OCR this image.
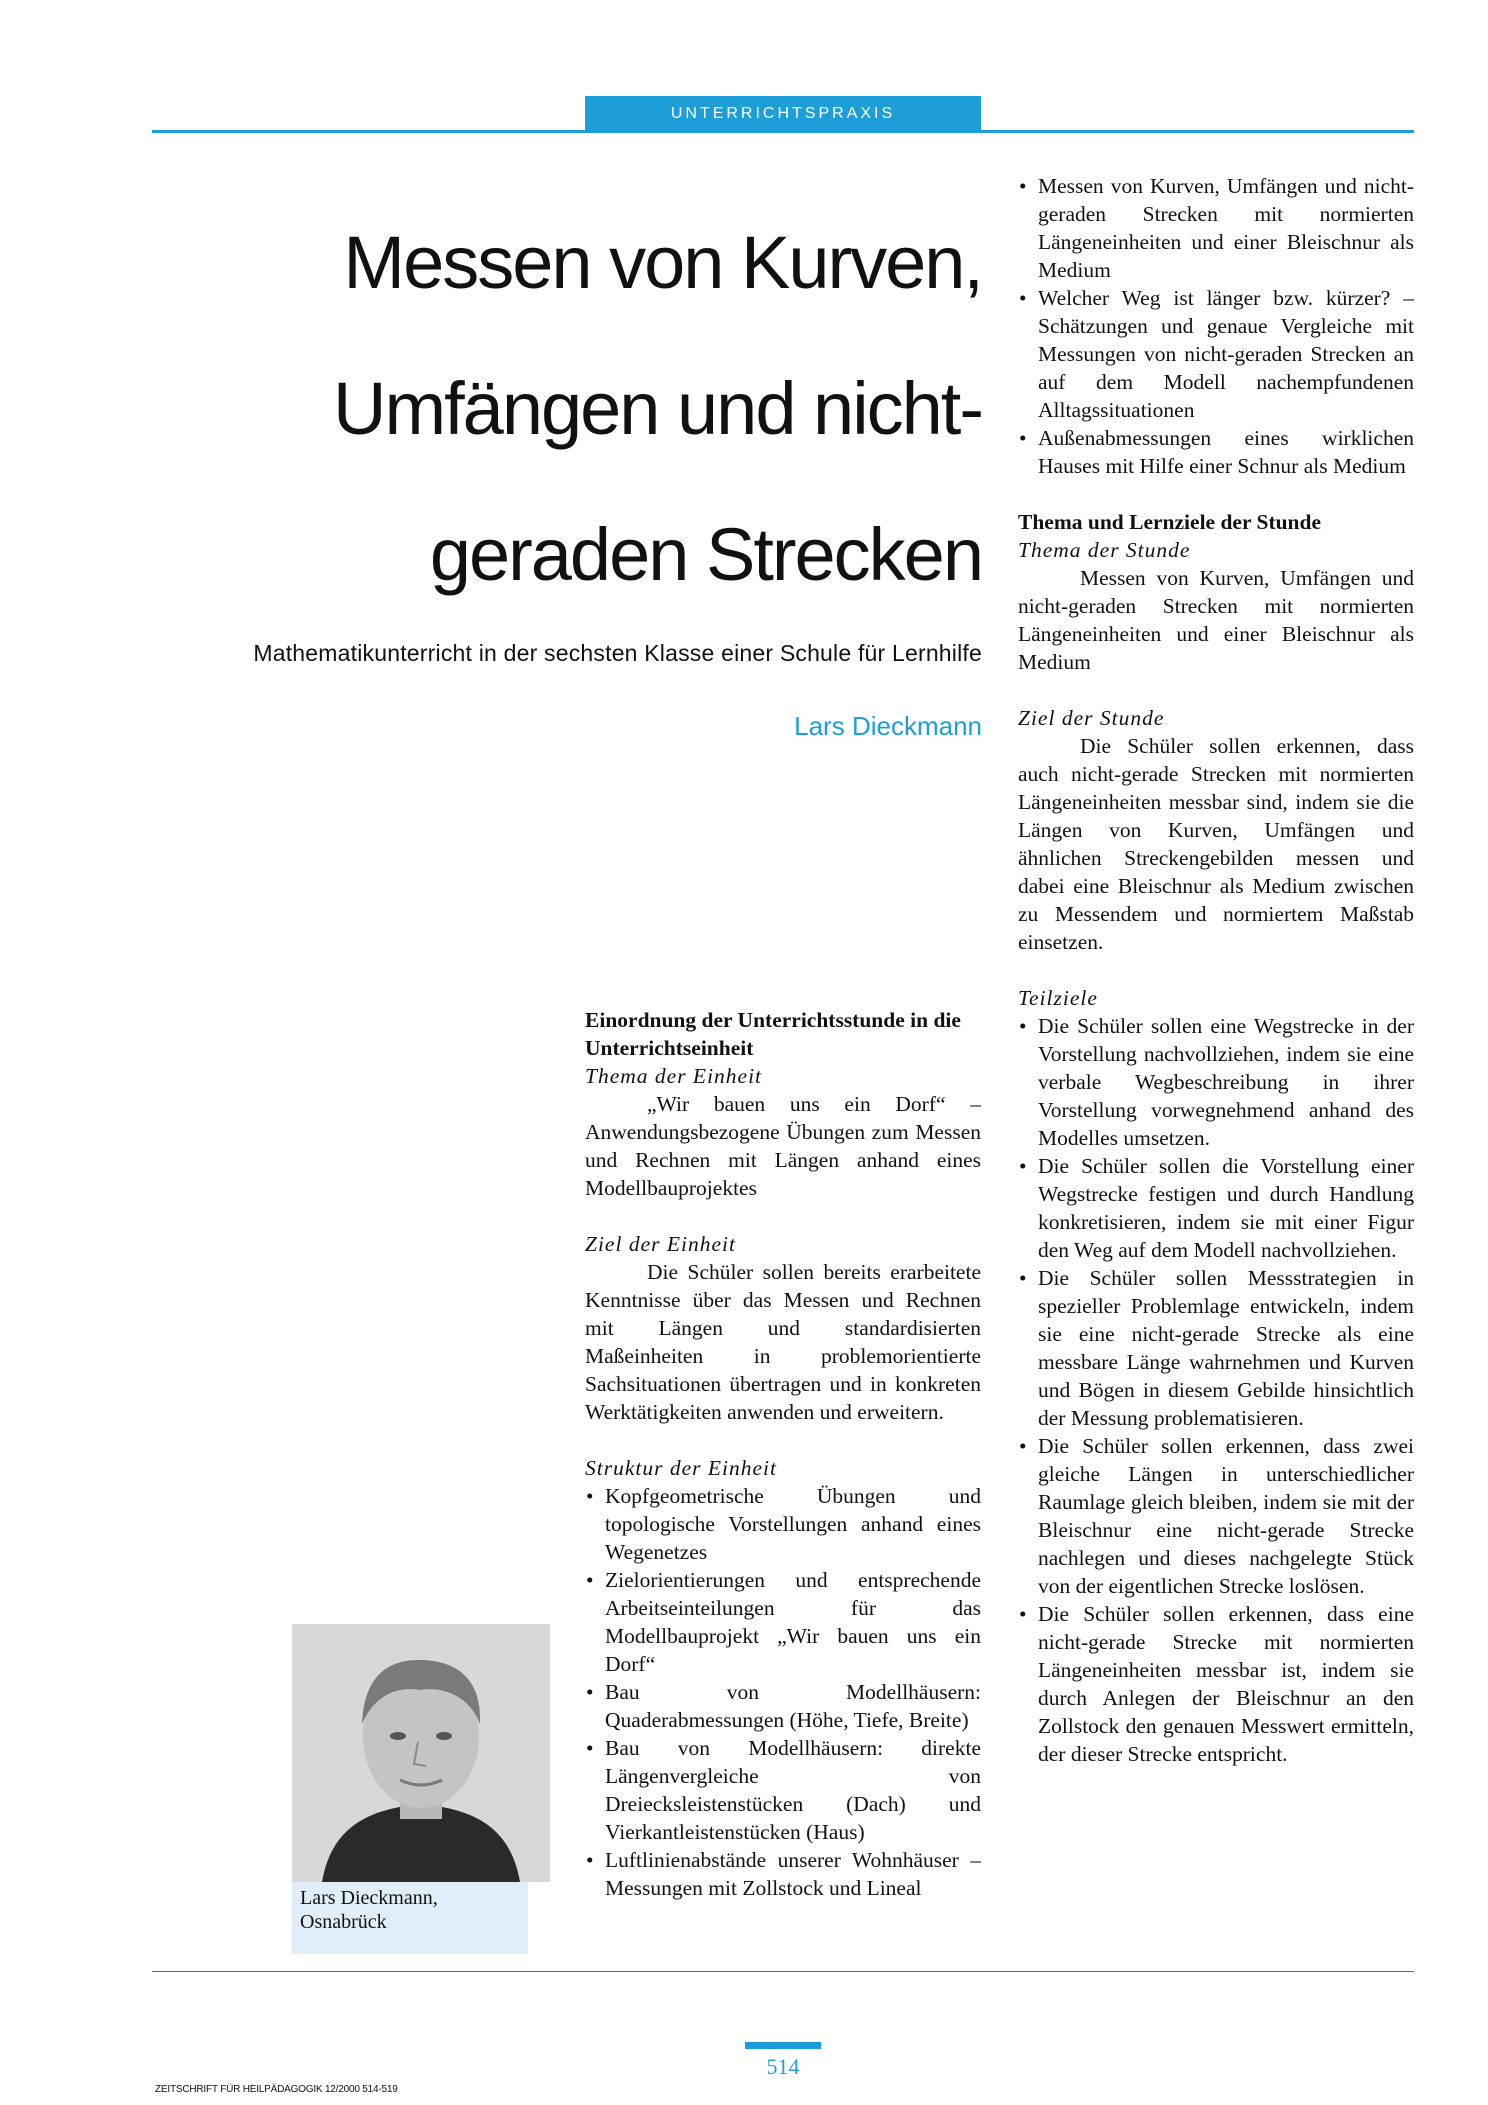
UNTERRICHTSPRAXIS
Messen von Kurven,
Umfängen und nicht-
geraden Strecken
Mathematikunterricht in der sechsten Klasse einer Schule für Lernhilfe
Lars Dieckmann
Lars Dieckmann,
Osnabrück
Einordnung der Unterrichtsstunde in die Unterrichtseinheit
Thema der Einheit

„Wir bauen uns ein Dorf“ – Anwendungsbezogene Übungen zum Messen und Rechnen mit Längen anhand eines Modellbauprojektes

Ziel der Einheit

Die Schüler sollen bereits erarbeitete Kenntnisse über das Messen und Rechnen mit Längen und standardisierten Maßeinheiten in problemorientierte Sachsituationen übertragen und in konkreten Werktätigkeiten anwenden und erweitern.

Struktur der Einheit
• Kopfgeometrische Übungen und topologische Vorstellungen anhand eines Wegenetzes
• Zielorientierungen und entsprechende Arbeitseinteilungen für das Modellbauprojekt „Wir bauen uns ein Dorf“
• Bau von Modellhäusern: Quaderabmessungen (Höhe, Tiefe, Breite)
• Bau von Modellhäusern: direkte Längenvergleiche von Dreiecksleistenstücken (Dach) und Vierkantleistenstücken (Haus)
• Luftlinienabstände unserer Wohnhäuser – Messungen mit Zollstock und Lineal
• Messen von Kurven, Umfängen und nicht-geraden Strecken mit normierten Längeneinheiten und einer Bleischnur als Medium
• Welcher Weg ist länger bzw. kürzer? – Schätzungen und genaue Vergleiche mit Messungen von nicht-geraden Strecken an auf dem Modell nachempfundenen Alltagssituationen
• Außenabmessungen eines wirklichen Hauses mit Hilfe einer Schnur als Medium
Thema und Lernziele der Stunde
Thema der Stunde

Messen von Kurven, Umfängen und nicht-geraden Strecken mit normierten Längeneinheiten und einer Bleischnur als Medium

Ziel der Stunde

Die Schüler sollen erkennen, dass auch nicht-gerade Strecken mit normierten Längeneinheiten messbar sind, indem sie die Längen von Kurven, Umfängen und ähnlichen Streckengebilden messen und dabei eine Bleischnur als Medium zwischen zu Messendem und normiertem Maßstab einsetzen.

Teilziele
• Die Schüler sollen eine Wegstrecke in der Vorstellung nachvollziehen, indem sie eine verbale Wegbeschreibung in ihrer Vorstellung vorwegnehmend anhand des Modelles umsetzen.
• Die Schüler sollen die Vorstellung einer Wegstrecke festigen und durch Handlung konkretisieren, indem sie mit einer Figur den Weg auf dem Modell nachvollziehen.
• Die Schüler sollen Messstrategien in spezieller Problemlage entwickeln, indem sie eine nicht-gerade Strecke als eine messbare Länge wahrnehmen und Kurven und Bögen in diesem Gebilde hinsichtlich der Messung problematisieren.
• Die Schüler sollen erkennen, dass zwei gleiche Längen in unterschiedlicher Raumlage gleich bleiben, indem sie mit der Bleischnur eine nicht-gerade Strecke nachlegen und dieses nachgelegte Stück von der eigentlichen Strecke loslösen.
• Die Schüler sollen erkennen, dass eine nicht-gerade Strecke mit normierten Längeneinheiten messbar ist, indem sie durch Anlegen der Bleischnur an den Zollstock den genauen Messwert ermitteln, der dieser Strecke entspricht.
ZEITSCHRIFT FÜR HEILPÄDAGOGIK 12/2000 514-519
514
